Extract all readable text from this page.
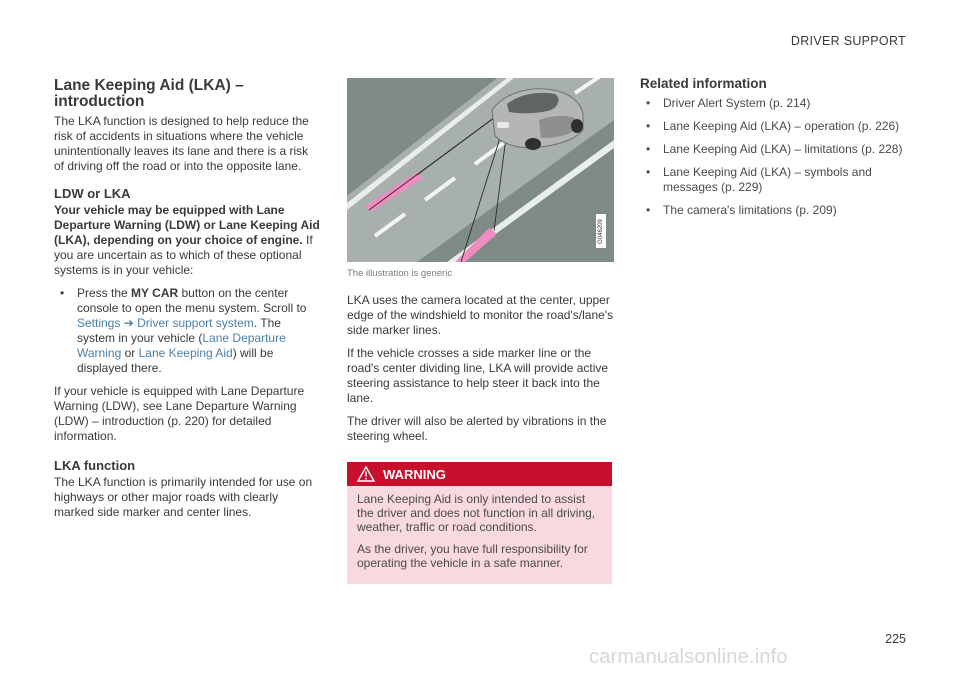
DRIVER SUPPORT
Lane Keeping Aid (LKA) – introduction

The LKA function is designed to help reduce the risk of accidents in situations where the vehicle unintentionally leaves its lane and there is a risk of driving off the road or into the opposite lane.

LDW or LKA

Your vehicle may be equipped with Lane Departure Warning (LDW) or Lane Keeping Aid (LKA), depending on your choice of engine. If you are uncertain as to which of these optional systems is in your vehicle:

• Press the MY CAR button on the center console to open the menu system. Scroll to Settings ➔ Driver support system. The system in your vehicle (Lane Departure Warning or Lane Keeping Aid) will be displayed there.

If your vehicle is equipped with Lane Departure Warning (LDW), see Lane Departure Warning (LDW) – introduction (p. 220) for detailed information.

LKA function

The LKA function is primarily intended for use on highways or other major roads with clearly marked side marker and center lines.

G046209
The illustration is generic

LKA uses the camera located at the center, upper edge of the windshield to monitor the road's/lane's side marker lines.

If the vehicle crosses a side marker line or the road's center dividing line, LKA will provide active steering assistance to help steer it back into the lane.

The driver will also be alerted by vibrations in the steering wheel.

WARNING

Lane Keeping Aid is only intended to assist the driver and does not function in all driving, weather, traffic or road conditions.

As the driver, you have full responsibility for operating the vehicle in a safe manner.

Related information
• Driver Alert System (p. 214)
• Lane Keeping Aid (LKA) – operation (p. 226)
• Lane Keeping Aid (LKA) – limitations (p. 228)
• Lane Keeping Aid (LKA) – symbols and messages (p. 229)
• The camera's limitations (p. 209)
225
carmanualsonline.info
